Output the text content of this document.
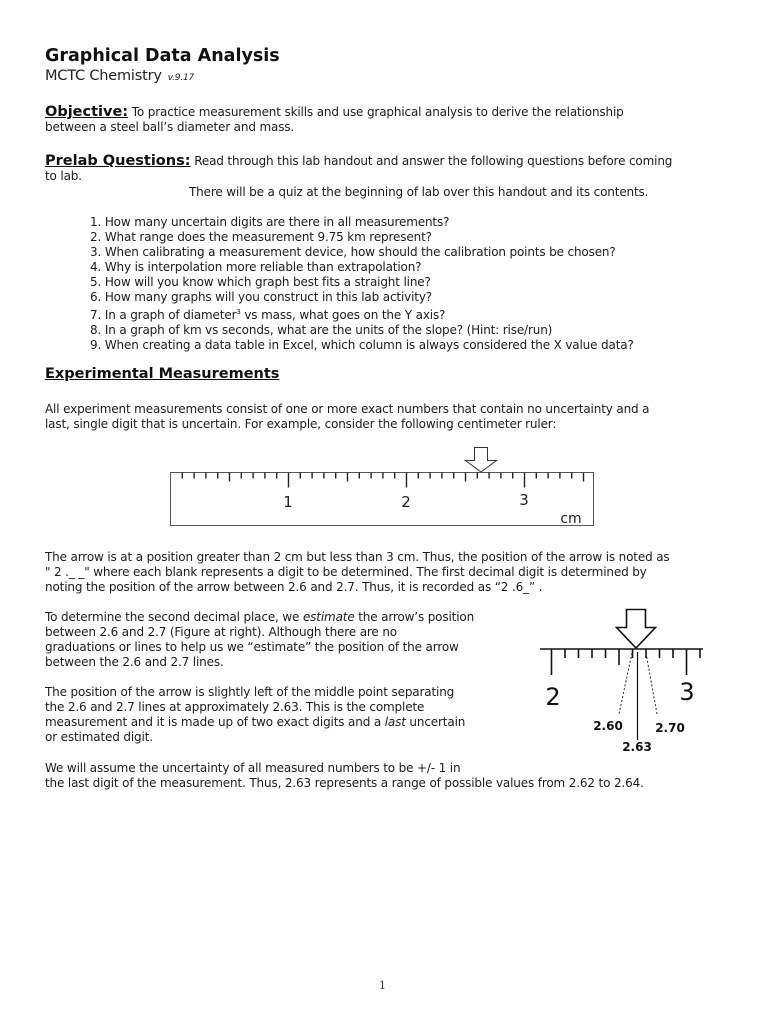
Graphical Data Analysis
MCTC Chemistry v.9.17
Objective: To practice measurement skills and use graphical analysis to derive the relationship
between a steel ball’s diameter and mass.
Prelab Questions: Read through this lab handout and answer the following questions before coming
to lab.
There will be a quiz at the beginning of lab over this handout and its contents.
1. How many uncertain digits are there in all measurements?
2. What range does the measurement 9.75 km represent?
3. When calibrating a measurement device, how should the calibration points be chosen?
4. Why is interpolation more reliable than extrapolation?
5. How will you know which graph best fits a straight line?
6. How many graphs will you construct in this lab activity?
7. In a graph of diameter$^3$ vs mass, what goes on the Y axis?
8. In a graph of km vs seconds, what are the units of the slope? (Hint: rise/run)
9. When creating a data table in Excel, which column is always considered the X value data?
Experimental Measurements
All experiment measurements consist of one or more exact numbers that contain no uncertainty and a
last, single digit that is uncertain. For example, consider the following centimeter ruler:
1	2	3
cm
2	3
2.60	2.70
2.63
The arrow is at a position greater than 2 cm but less than 3 cm. Thus, the position of the arrow is noted as
" 2 ._ _" where each blank represents a digit to be determined. The first decimal digit is determined by
noting the position of the arrow between 2.6 and 2.7. Thus, it is recorded as “2 .6_” .
To determine the second decimal place, we estimate the arrow’s position
between 2.6 and 2.7 (Figure at right). Although there are no
graduations or lines to help us we “estimate” the position of the arrow
between the 2.6 and 2.7 lines.
The position of the arrow is slightly left of the middle point separating
the 2.6 and 2.7 lines at approximately 2.63. This is the complete
measurement and it is made up of two exact digits and a last uncertain
or estimated digit.
We will assume the uncertainty of all measured numbers to be +/- 1 in
the last digit of the measurement. Thus, 2.63 represents a range of possible values from 2.62 to 2.64.
1
